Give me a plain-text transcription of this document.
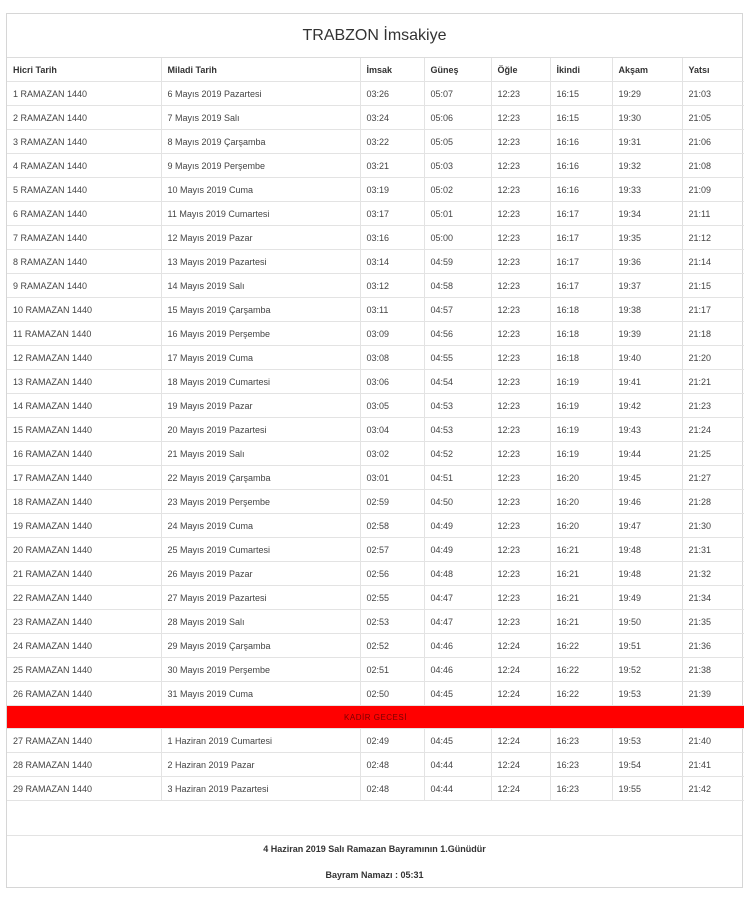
TRABZON İmsakiye
Hicri Tarih	Miladi Tarih	İmsak	Güneş	Öğle	İkindi	Akşam	Yatsı
1 RAMAZAN 1440	6 Mayıs 2019 Pazartesi	03:26	05:07	12:23	16:15	19:29	21:03
2 RAMAZAN 1440	7 Mayıs 2019 Salı	03:24	05:06	12:23	16:15	19:30	21:05
3 RAMAZAN 1440	8 Mayıs 2019 Çarşamba	03:22	05:05	12:23	16:16	19:31	21:06
4 RAMAZAN 1440	9 Mayıs 2019 Perşembe	03:21	05:03	12:23	16:16	19:32	21:08
5 RAMAZAN 1440	10 Mayıs 2019 Cuma	03:19	05:02	12:23	16:16	19:33	21:09
6 RAMAZAN 1440	11 Mayıs 2019 Cumartesi	03:17	05:01	12:23	16:17	19:34	21:11
7 RAMAZAN 1440	12 Mayıs 2019 Pazar	03:16	05:00	12:23	16:17	19:35	21:12
8 RAMAZAN 1440	13 Mayıs 2019 Pazartesi	03:14	04:59	12:23	16:17	19:36	21:14
9 RAMAZAN 1440	14 Mayıs 2019 Salı	03:12	04:58	12:23	16:17	19:37	21:15
10 RAMAZAN 1440	15 Mayıs 2019 Çarşamba	03:11	04:57	12:23	16:18	19:38	21:17
11 RAMAZAN 1440	16 Mayıs 2019 Perşembe	03:09	04:56	12:23	16:18	19:39	21:18
12 RAMAZAN 1440	17 Mayıs 2019 Cuma	03:08	04:55	12:23	16:18	19:40	21:20
13 RAMAZAN 1440	18 Mayıs 2019 Cumartesi	03:06	04:54	12:23	16:19	19:41	21:21
14 RAMAZAN 1440	19 Mayıs 2019 Pazar	03:05	04:53	12:23	16:19	19:42	21:23
15 RAMAZAN 1440	20 Mayıs 2019 Pazartesi	03:04	04:53	12:23	16:19	19:43	21:24
16 RAMAZAN 1440	21 Mayıs 2019 Salı	03:02	04:52	12:23	16:19	19:44	21:25
17 RAMAZAN 1440	22 Mayıs 2019 Çarşamba	03:01	04:51	12:23	16:20	19:45	21:27
18 RAMAZAN 1440	23 Mayıs 2019 Perşembe	02:59	04:50	12:23	16:20	19:46	21:28
19 RAMAZAN 1440	24 Mayıs 2019 Cuma	02:58	04:49	12:23	16:20	19:47	21:30
20 RAMAZAN 1440	25 Mayıs 2019 Cumartesi	02:57	04:49	12:23	16:21	19:48	21:31
21 RAMAZAN 1440	26 Mayıs 2019 Pazar	02:56	04:48	12:23	16:21	19:48	21:32
22 RAMAZAN 1440	27 Mayıs 2019 Pazartesi	02:55	04:47	12:23	16:21	19:49	21:34
23 RAMAZAN 1440	28 Mayıs 2019 Salı	02:53	04:47	12:23	16:21	19:50	21:35
24 RAMAZAN 1440	29 Mayıs 2019 Çarşamba	02:52	04:46	12:24	16:22	19:51	21:36
25 RAMAZAN 1440	30 Mayıs 2019 Perşembe	02:51	04:46	12:24	16:22	19:52	21:38
26 RAMAZAN 1440	31 Mayıs 2019 Cuma	02:50	04:45	12:24	16:22	19:53	21:39
KADİR GECESİ							
27 RAMAZAN 1440	1 Haziran 2019 Cumartesi	02:49	04:45	12:24	16:23	19:53	21:40
28 RAMAZAN 1440	2 Haziran 2019 Pazar	02:48	04:44	12:24	16:23	19:54	21:41
29 RAMAZAN 1440	3 Haziran 2019 Pazartesi	02:48	04:44	12:24	16:23	19:55	21:42
4 Haziran 2019 Salı Ramazan Bayramının 1.Günüdür
Bayram Namazı : 05:31
